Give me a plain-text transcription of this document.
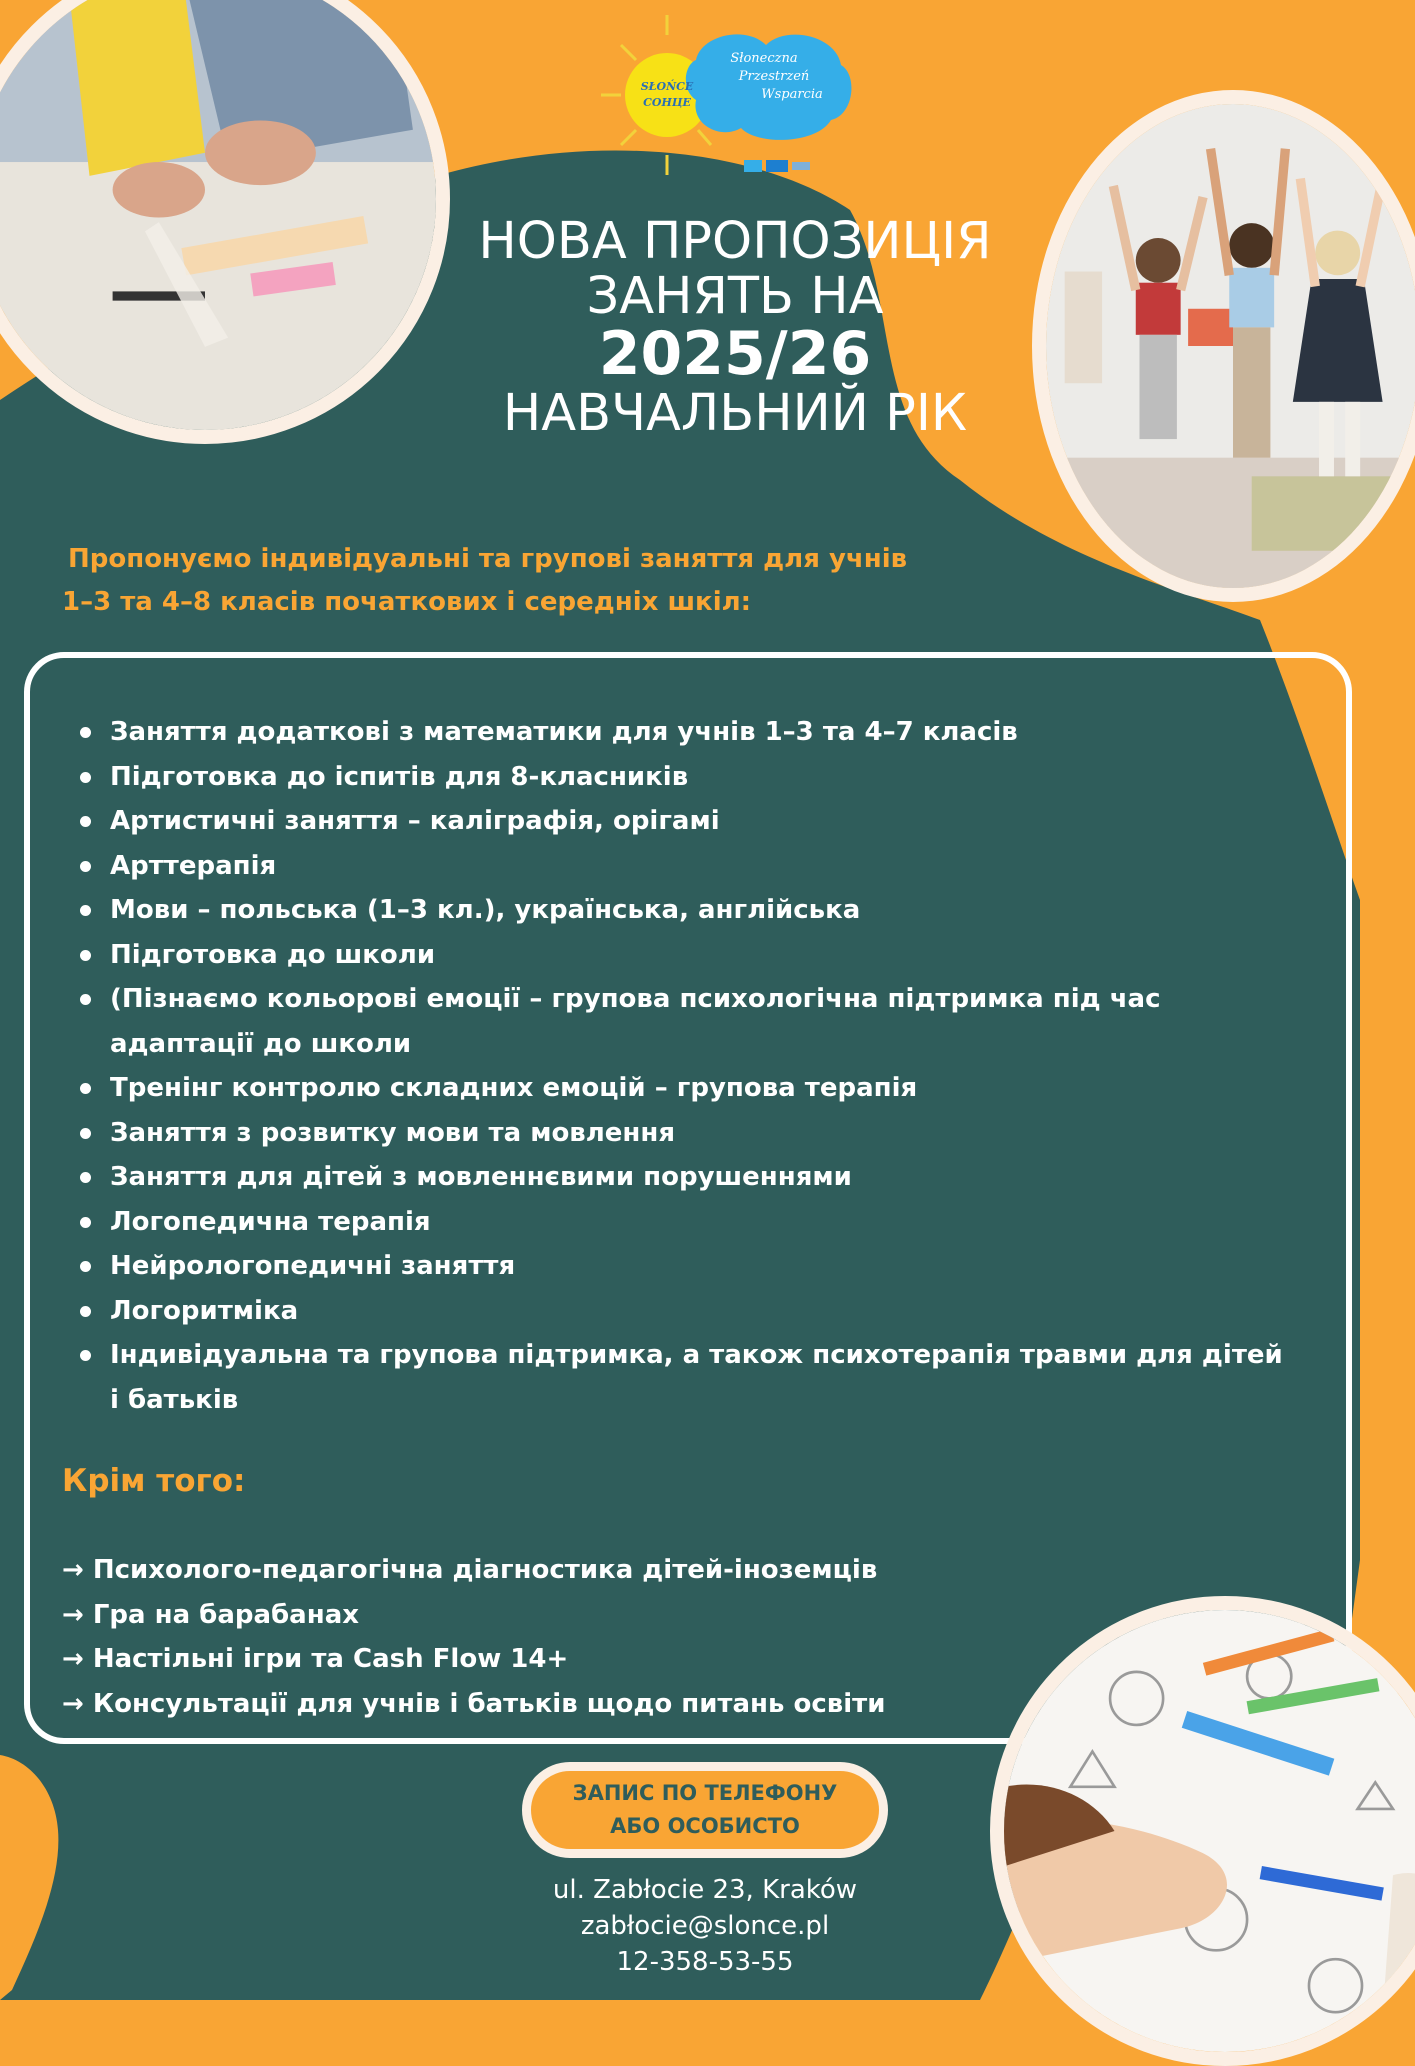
SŁOŃCE
СОНЦЕ
Słoneczna
Przestrzeń
Wsparcia
НОВА ПРОПОЗИЦІЯ
ЗАНЯТЬ НА
2025/26
НАВЧАЛЬНИЙ РІК
Пропонуємо індивідуальні та групові заняття для учнів
1–3 та 4–8 класів початкових і середніх шкіл:
Заняття додаткові з математики для учнів 1–3 та 4–7 класів
Підготовка до іспитів для 8-класників
Артистичні заняття – каліграфія, орігамі
Арттерапія
Мови – польська (1–3 кл.), українська, англійська
Підготовка до школи
(Пізнаємо кольорові емоції – групова психологічна підтримка під час адаптації до школи
Тренінг контролю складних емоцій – групова терапія
Заняття з розвитку мови та мовлення
Заняття для дітей з мовленнєвими порушеннями
Логопедична терапія
Нейрологопедичні заняття
Логоритміка
Індивідуальна та групова підтримка, а також психотерапія травми для дітей і батьків
Крім того:
→ Психолого-педагогічна діагностика дітей-іноземців
→ Гра на барабанах
→ Настільні ігри та Cash Flow 14+
→ Консультації для учнів і батьків щодо питань освіти
ЗАПИС ПО ТЕЛЕФОНУ
АБО ОСОБИСТО
ul. Zabłocie 23, Kraków
zabłocie@slonce.pl
12-358-53-55
